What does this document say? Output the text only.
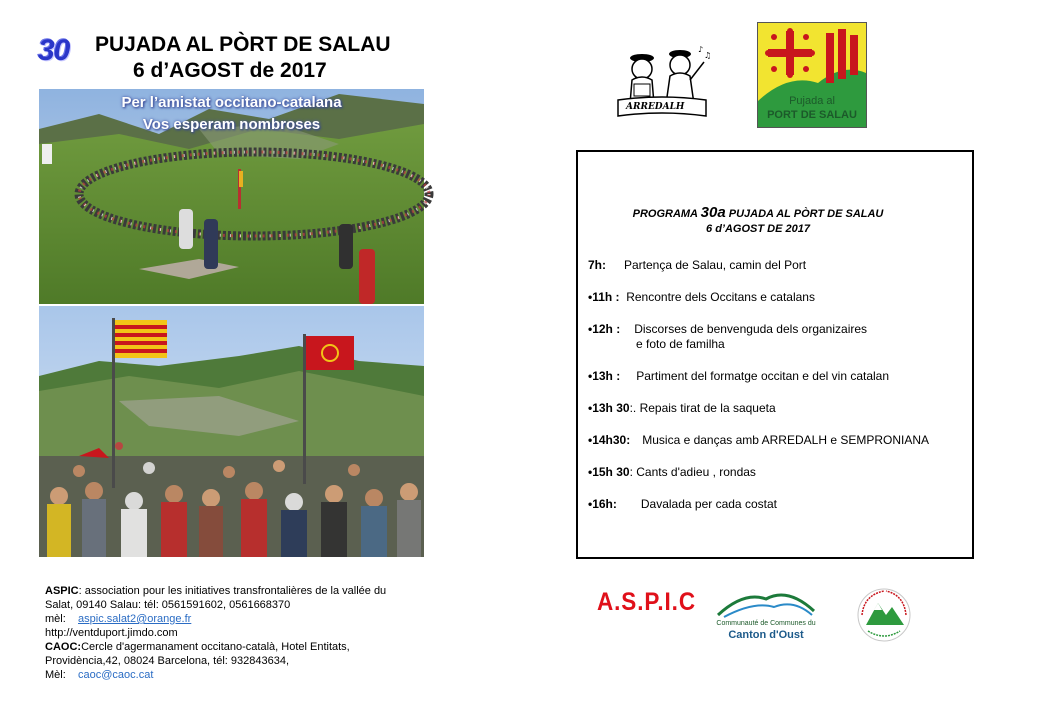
30 PUJADA AL PÒRT DE SALAU
6 d’AGOST de 2017
Per l’amistat occitano-catalana
Vos esperam nombroses
♪
♫
ARREDALH	Pujada al
PORT DE SALAU
PROGRAMA 30a PUJADA AL PÒRT DE SALAU
6 d’AGOST DE 2017
7h: Partença de Salau, camin del Port
•11h : Rencontre dels Occitans e catalans
•12h : Discorses de benvenguda dels organizaires
e foto de familha
•13h : Partiment del formatge occitan e del vin catalan
•13h 30:. Repais tirat de la saqueta
•14h30: Musica e danças amb ARREDALH e SEMPRONIANA
•15h 30: Cants d'adieu , rondas
•16h: Davalada per cada costat
ASPIC: association pour les initiatives transfrontalières de la vallée du
Salat, 09140 Salau: tél: 0561591602, 0561668370
mèl: aspic.salat2@orange.fr
http://ventduport.jimdo.com
CAOC:Cercle d'agermanament occitano-català, Hotel Entitats,
Providència,42, 08024 Barcelona, tél: 932843634,
Mèl: caoc@caoc.cat
A.S.P.I.C
Communauté de Communes du
Canton d'Oust
